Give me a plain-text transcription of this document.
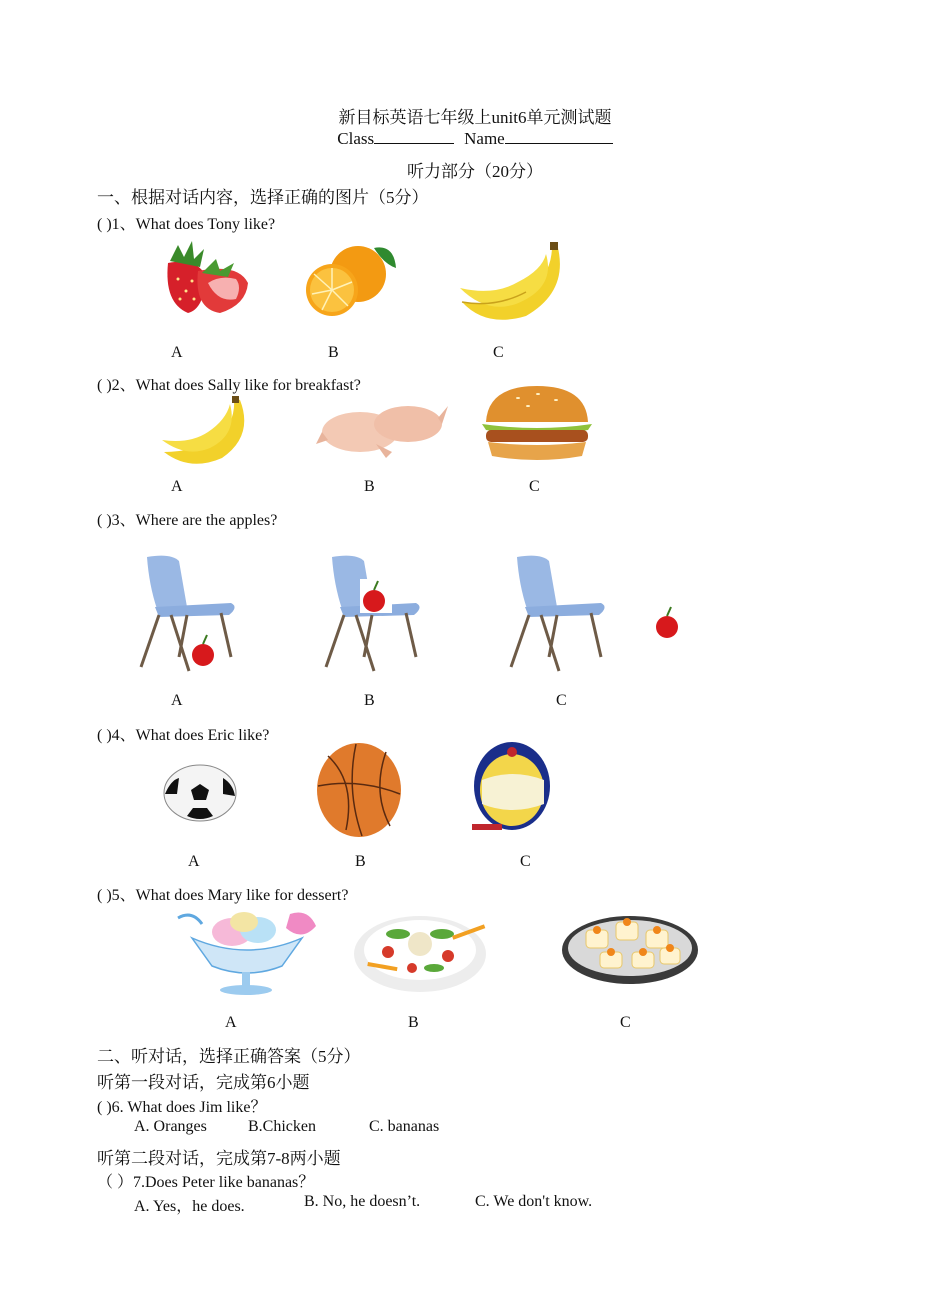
新目标英语七年级上unit6单元测试题
Class	Name
听力部分（20分）
一、根据对话内容，选择正确的图片（5分）
( )1、What does Tony like?
A	B	C
( )2、What does Sally like for breakfast?
A	B	C
( )3、Where are the apples?
A	B	C
( )4、What does Eric like?
A	B	C
( )5、What does Mary like for dessert?
A	B	C
二、听对话，选择正确答案（5分）
听第一段对话，完成第6小题
( )6. What does Jim like？
A. Oranges	B.Chicken	C. bananas
听第二段对话，完成第7-8两小题
（ ）7.Does Peter like bananas？
A. Yes，he does.	B. No, he doesn’t.	C. We don't know.
